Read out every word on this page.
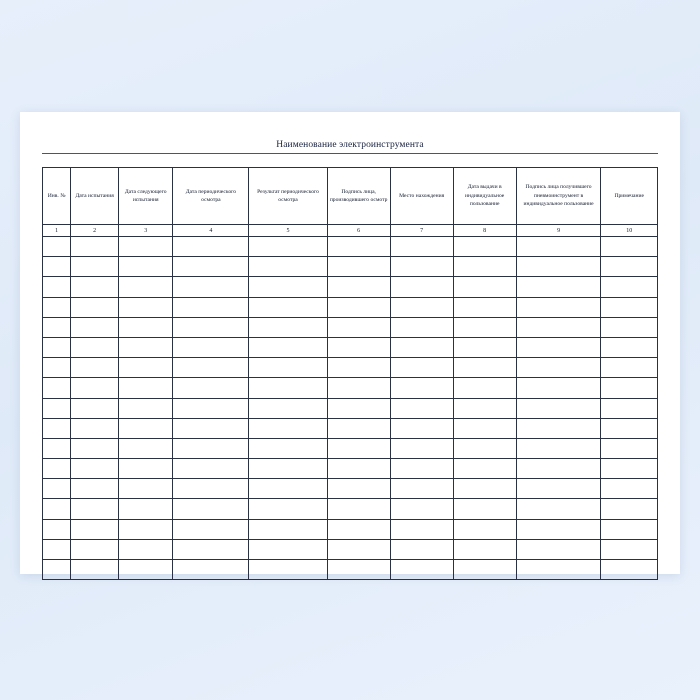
Наименование электроинструмента
Инв. №	Дата испытания	Дата следующего испытания	Дата периодического осмотра	Результат периодического осмотра	Подпись лица, производившего осмотр	Место нахождения	Дата выдачи в индивидуальное пользование	Подпись лица получившего пневмоинструмент в индивидуальное пользование	Примечание
1	2	3	4	5	6	7	8	9	10
